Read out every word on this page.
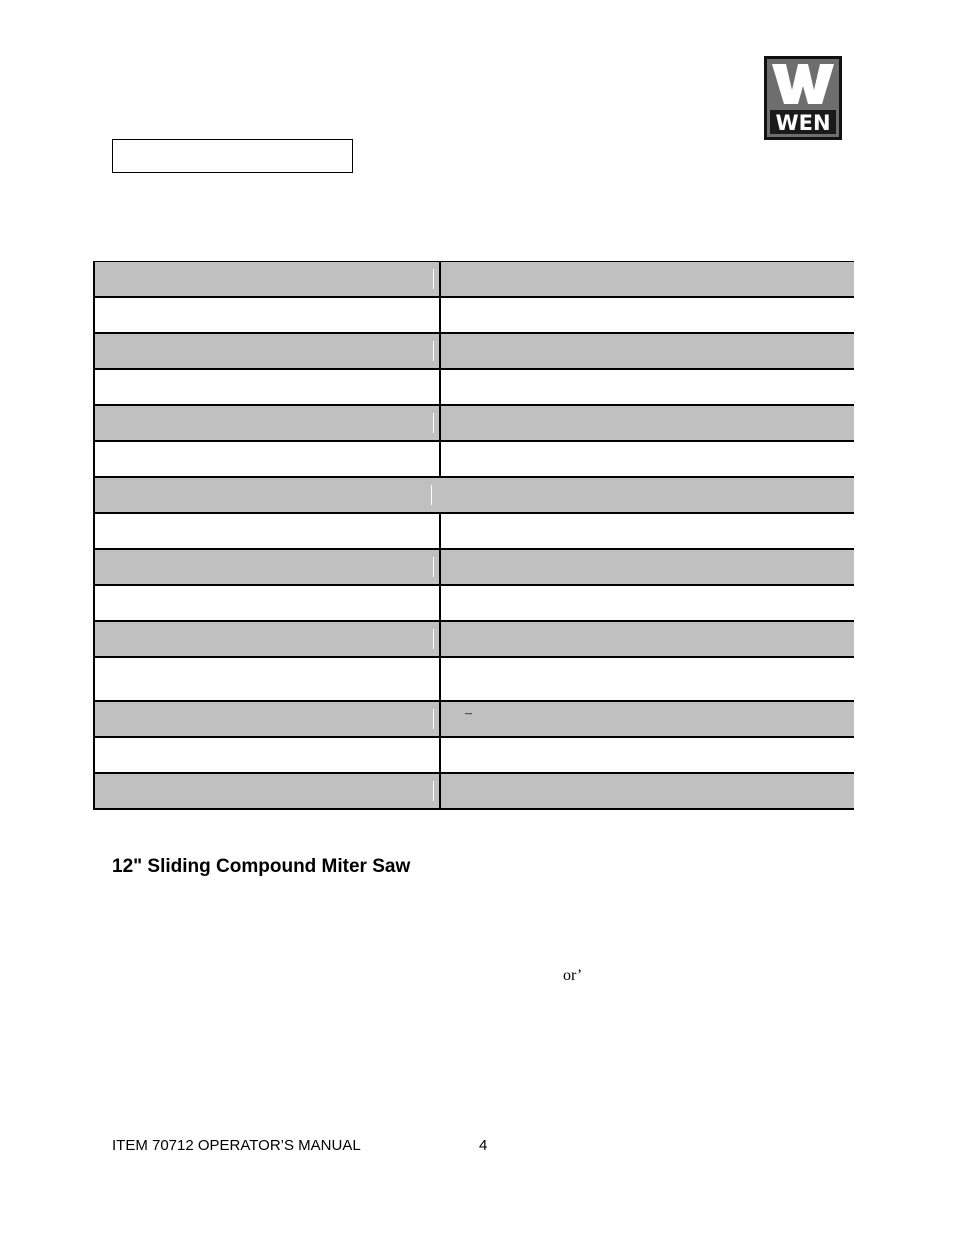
WEN

	–

12" Sliding Compound Miter Saw
or’
ITEM 70712 OPERATOR’S MANUAL	4
